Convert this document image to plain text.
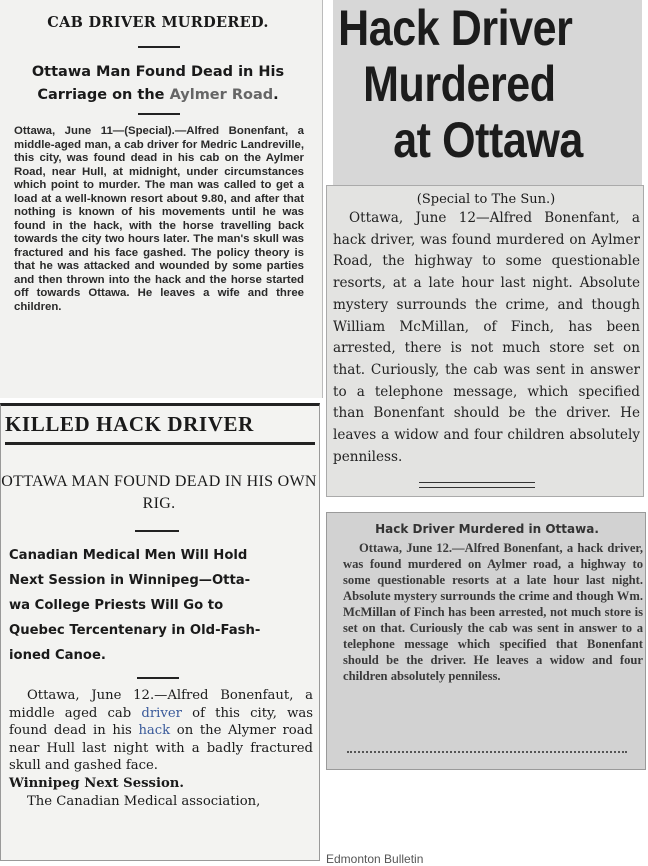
CAB DRIVER MURDERED.
Ottawa Man Found Dead in His Carriage on the Aylmer Road.
Ottawa, June 11—(Special).—Alfred Bonenfant, a middle-aged man, a cab driver for Medric Landreville, this city, was found dead in his cab on the Aylmer Road, near Hull, at midnight, under circumstances which point to murder. The man was called to get a load at a well-known resort about 9.80, and after that nothing is known of his movements until he was found in the hack, with the horse travelling back towards the city two hours later. The man's skull was fractured and his face gashed. The policy theory is that he was attacked and wounded by some parties and then thrown into the hack and the horse started off towards Ottawa. He leaves a wife and three children.
Hack Driver
Murdered
at Ottawa
(Special to The Sun.)

Ottawa, June 12—Alfred Bonenfant, a hack driver, was found murdered on Aylmer Road, the highway to some questionable resorts, at a late hour last night. Absolute mystery surrounds the crime, and though William McMillan, of Finch, has been arrested, there is not much store set on that. Curiously, the cab was sent in answer to a telephone message, which specified than Bonenfant should be the driver. He leaves a widow and four children absolutely penniless.

Hack Driver Murdered in Ottawa.

Ottawa, June 12.—Alfred Bonenfant, a hack driver, was found murdered on Aylmer road, a highway to some questionable resorts at a late hour last night. Absolute mystery surrounds the crime and though Wm. McMillan of Finch has been arrested, not much store is set on that. Curiously the cab was sent in answer to a telephone message which specified that Bonenfant should be the driver. He leaves a widow and four children absolutely penniless.

Edmonton Bulletin
KILLED HACK DRIVER
OTTAWA MAN FOUND DEAD IN HIS OWN RIG.
Canadian Medical Men Will Hold
Next Session in Winnipeg—Otta-
wa College Priests Will Go to
Quebec Tercentenary in Old-Fash-
ioned Canoe.

Ottawa, June 12.—Alfred Bonenfaut, a middle aged cab driver of this city, was found dead in his hack on the Alymer road near Hull last night with a badly fractured skull and gashed face.

Winnipeg Next Session.

The Canadian Medical association,
